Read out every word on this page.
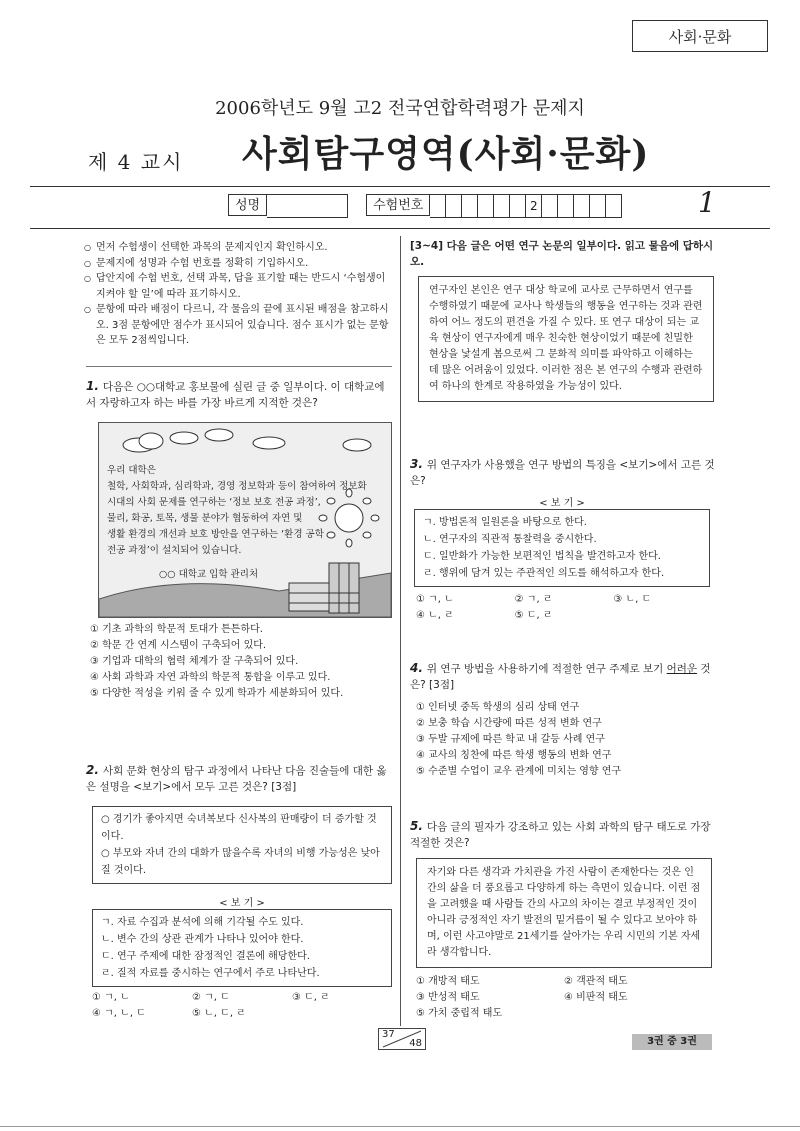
사회·문화
2006학년도 9월 고2 전국연합학력평가 문제지
제 4 교시 사회탐구영역(사회·문화)
성명	수험번호	2	1
○ 먼저 수험생이 선택한 과목의 문제지인지 확인하시오.
○ 문제지에 성명과 수험 번호를 정확히 기입하시오.
○ 답안지에 수험 번호, 선택 과목, 답을 표기할 때는 반드시 ‘수험생이 지켜야 할 일’에 따라 표기하시오.
○ 문항에 따라 배점이 다르니, 각 물음의 끝에 표시된 배점을 참고하시오. 3점 문항에만 점수가 표시되어 있습니다. 점수 표시가 없는 문항은 모두 2점씩입니다.
1. 다음은 ○○대학교 홍보물에 실린 글 중 일부이다. 이 대학교에서 자랑하고자 하는 바를 가장 바르게 지적한 것은?
우리 대학은
철학, 사회학과, 심리학과, 경영 정보학과 등이 참여하여 정보화
시대의 사회 문제를 연구하는 ‘정보 보호 전공 과정’,
물리, 화공, 토목, 생물 분야가 협동하여 자연 및
생활 환경의 개선과 보호 방안을 연구하는 ‘환경 공학
전공 과정’이 설치되어 있습니다.
○○ 대학교 입학 관리처
① 기초 과학의 학문적 토대가 튼튼하다.
② 학문 간 연계 시스템이 구축되어 있다.
③ 기업과 대학의 협력 체계가 잘 구축되어 있다.
④ 사회 과학과 자연 과학의 학문적 통합을 이루고 있다.
⑤ 다양한 적성을 키워 줄 수 있게 학과가 세분화되어 있다.
2. 사회 문화 현상의 탐구 과정에서 나타난 다음 진술들에 대한 옳은 설명을 <보기>에서 모두 고른 것은? [3점]
○ 경기가 좋아지면 숙녀복보다 신사복의 판매량이 더 증가할 것이다.
○ 부모와 자녀 간의 대화가 많을수록 자녀의 비행 가능성은 낮아질 것이다.
< 보 기 >
ㄱ. 자료 수집과 분석에 의해 기각될 수도 있다.
ㄴ. 변수 간의 상관 관계가 나타나 있어야 한다.
ㄷ. 연구 주제에 대한 잠정적인 결론에 해당한다.
ㄹ. 질적 자료를 중시하는 연구에서 주로 나타난다.
① ㄱ, ㄴ	② ㄱ, ㄷ	③ ㄷ, ㄹ
④ ㄱ, ㄴ, ㄷ	⑤ ㄴ, ㄷ, ㄹ
[3~4] 다음 글은 어떤 연구 논문의 일부이다. 읽고 물음에 답하시오.
연구자인 본인은 연구 대상 학교에 교사로 근무하면서 연구를 수행하였기 때문에 교사나 학생들의 행동을 연구하는 것과 관련하여 어느 정도의 편견을 가질 수 있다. 또 연구 대상이 되는 교육 현상이 연구자에게 매우 친숙한 현상이었기 때문에 친밀한 현상을 낯설게 봄으로써 그 문화적 의미를 파악하고 이해하는 데 많은 어려움이 있었다. 이러한 점은 본 연구의 수행과 관련하여 하나의 한계로 작용하였을 가능성이 있다.
3. 위 연구자가 사용했을 연구 방법의 특징을 <보기>에서 고른 것은?
< 보 기 >
ㄱ. 방법론적 일원론을 바탕으로 한다.
ㄴ. 연구자의 직관적 통찰력을 중시한다.
ㄷ. 일반화가 가능한 보편적인 법칙을 발견하고자 한다.
ㄹ. 행위에 담겨 있는 주관적인 의도를 해석하고자 한다.
① ㄱ, ㄴ	② ㄱ, ㄹ	③ ㄴ, ㄷ
④ ㄴ, ㄹ	⑤ ㄷ, ㄹ
4. 위 연구 방법을 사용하기에 적절한 연구 주제로 보기 어려운 것은? [3점]
① 인터넷 중독 학생의 심리 상태 연구
② 보충 학습 시간량에 따른 성적 변화 연구
③ 두발 규제에 따른 학교 내 갈등 사례 연구
④ 교사의 칭찬에 따른 학생 행동의 변화 연구
⑤ 수준별 수업이 교우 관계에 미치는 영향 연구
5. 다음 글의 필자가 강조하고 있는 사회 과학의 탐구 태도로 가장 적절한 것은?
자기와 다른 생각과 가치관을 가진 사람이 존재한다는 것은 인간의 삶을 더 풍요롭고 다양하게 하는 측면이 있습니다. 이런 점을 고려했을 때 사람들 간의 사고의 차이는 결코 부정적인 것이 아니라 긍정적인 자기 발전의 밑거름이 될 수 있다고 보아야 하며, 이런 사고야말로 21세기를 살아가는 우리 시민의 기본 자세라 생각합니다.
① 개방적 태도	② 객관적 태도
③ 반성적 태도	④ 비판적 태도
⑤ 가치 중립적 태도
37
48	3권 중 3권
